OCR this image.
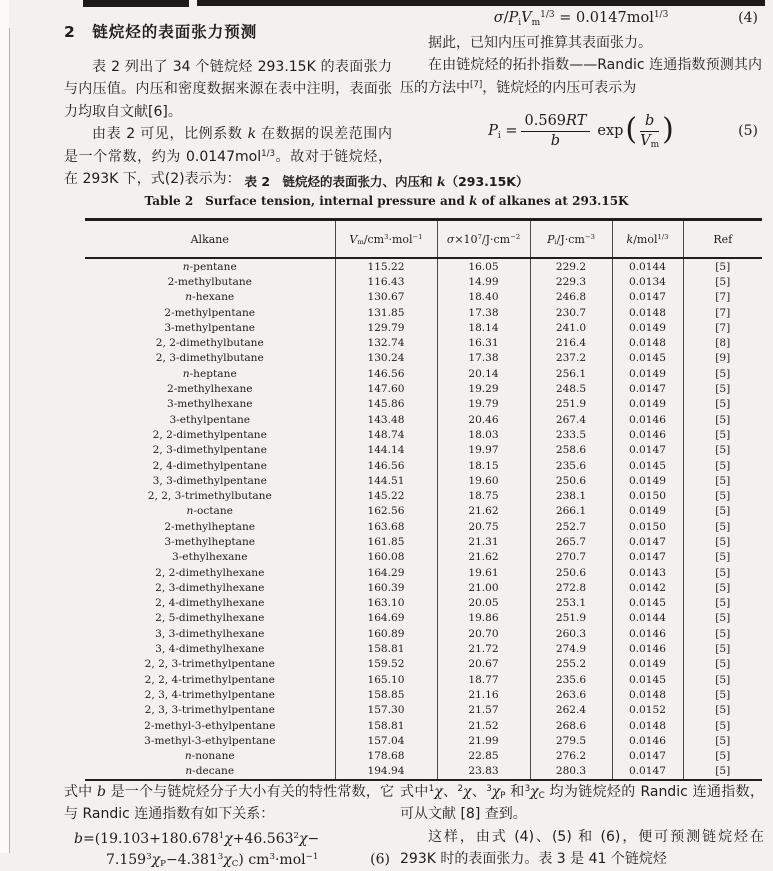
2　链烷烃的表面张力预测

表 2 列出了 34 个链烷烃 293.15K 的表面张力与内压值。内压和密度数据来源在表中注明，表面张力均取自文献[6]。

由表 2 可见，比例系数 k 在数据的误差范围内是一个常数，约为 0.0147mol$^{1/3}$。故对于链烷烃，在 293K 下，式(2)表示为：

$\sigma/P_iV_m^{1/3} = 0.0147mol^{1/3}$	(4)

据此，已知内压可推算其表面张力。

在由链烷烃的拓扑指数——Randic 连通指数预测其内压的方法中[7]，链烷烃的内压可表示为

$P_i = \frac{0.569RT}{b}$ exp ( $\frac{b}{V_m}$ )	(5)
表 2　链烷烃的表面张力、内压和 k（293.15K）
Table 2　Surface tension, internal pressure and k of alkanes at 293.15K
Alkane	$V_m/cm^3\cdot mol^{-1}$	$\sigma\times 10^7/J\cdot cm^{-2}$	$P_i/J\cdot cm^{-3}$	k/mol$^{1/3}$	Ref
n-pentane	115.22	16.05	229.2	0.0144	[5]
2-methylbutane	116.43	14.99	229.3	0.0134	[5]
n-hexane	130.67	18.40	246.8	0.0147	[7]
2-methylpentane	131.85	17.38	230.7	0.0148	[7]
3-methylpentane	129.79	18.14	241.0	0.0149	[7]
2, 2-dimethylbutane	132.74	16.31	216.4	0.0148	[8]
2, 3-dimethylbutane	130.24	17.38	237.2	0.0145	[9]
n-heptane	146.56	20.14	256.1	0.0149	[5]
2-methylhexane	147.60	19.29	248.5	0.0147	[5]
3-methylhexane	145.86	19.79	251.9	0.0149	[5]
3-ethylpentane	143.48	20.46	267.4	0.0146	[5]
2, 2-dimethylpentane	148.74	18.03	233.5	0.0146	[5]
2, 3-dimethylpentane	144.14	19.97	258.6	0.0147	[5]
2, 4-dimethylpentane	146.56	18.15	235.6	0.0145	[5]
3, 3-dimethylpentane	144.51	19.60	250.6	0.0149	[5]
2, 2, 3-trimethylbutane	145.22	18.75	238.1	0.0150	[5]
n-octane	162.56	21.62	266.1	0.0149	[5]
2-methylheptane	163.68	20.75	252.7	0.0150	[5]
3-methylheptane	161.85	21.31	265.7	0.0147	[5]
3-ethylhexane	160.08	21.62	270.7	0.0147	[5]
2, 2-dimethylhexane	164.29	19.61	250.6	0.0143	[5]
2, 3-dimethylhexane	160.39	21.00	272.8	0.0142	[5]
2, 4-dimethylhexane	163.10	20.05	253.1	0.0145	[5]
2, 5-dimethylhexane	164.69	19.86	251.9	0.0144	[5]
3, 3-dimethylhexane	160.89	20.70	260.3	0.0146	[5]
3, 4-dimethylhexane	158.81	21.72	274.9	0.0146	[5]
2, 2, 3-trimethylpentane	159.52	20.67	255.2	0.0149	[5]
2, 2, 4-trimethylpentane	165.10	18.77	235.6	0.0145	[5]
2, 3, 4-trimethylpentane	158.85	21.16	263.6	0.0148	[5]
2, 3, 3-trimethylpentane	157.30	21.57	262.4	0.0152	[5]
2-methyl-3-ethylpentane	158.81	21.52	268.6	0.0148	[5]
3-methyl-3-ethylpentane	157.04	21.99	279.5	0.0146	[5]
n-nonane	178.68	22.85	276.2	0.0147	[5]
n-decane	194.94	23.83	280.3	0.0147	[5]

式中 b 是一个与链烷烃分子大小有关的特性常数，它与 Randic 连通指数有如下关系：

$b=(19.103+180.678^1\chi+46.563^2\chi-$
(6)
$7.159^3\chi_P-4.381^3\chi_C$) $cm^3\cdot mol^{-1}$

式中$^1$χ、$^2$χ、$^3\chi_P$ 和$^3\chi_C$ 均为链烷烃的 Randic 连通指数，可从文献 [8] 查到。

这样，由式 (4)、(5) 和 (6)，便可预测链烷烃在 293K 时的表面张力。表 3 是 41 个链烷烃
